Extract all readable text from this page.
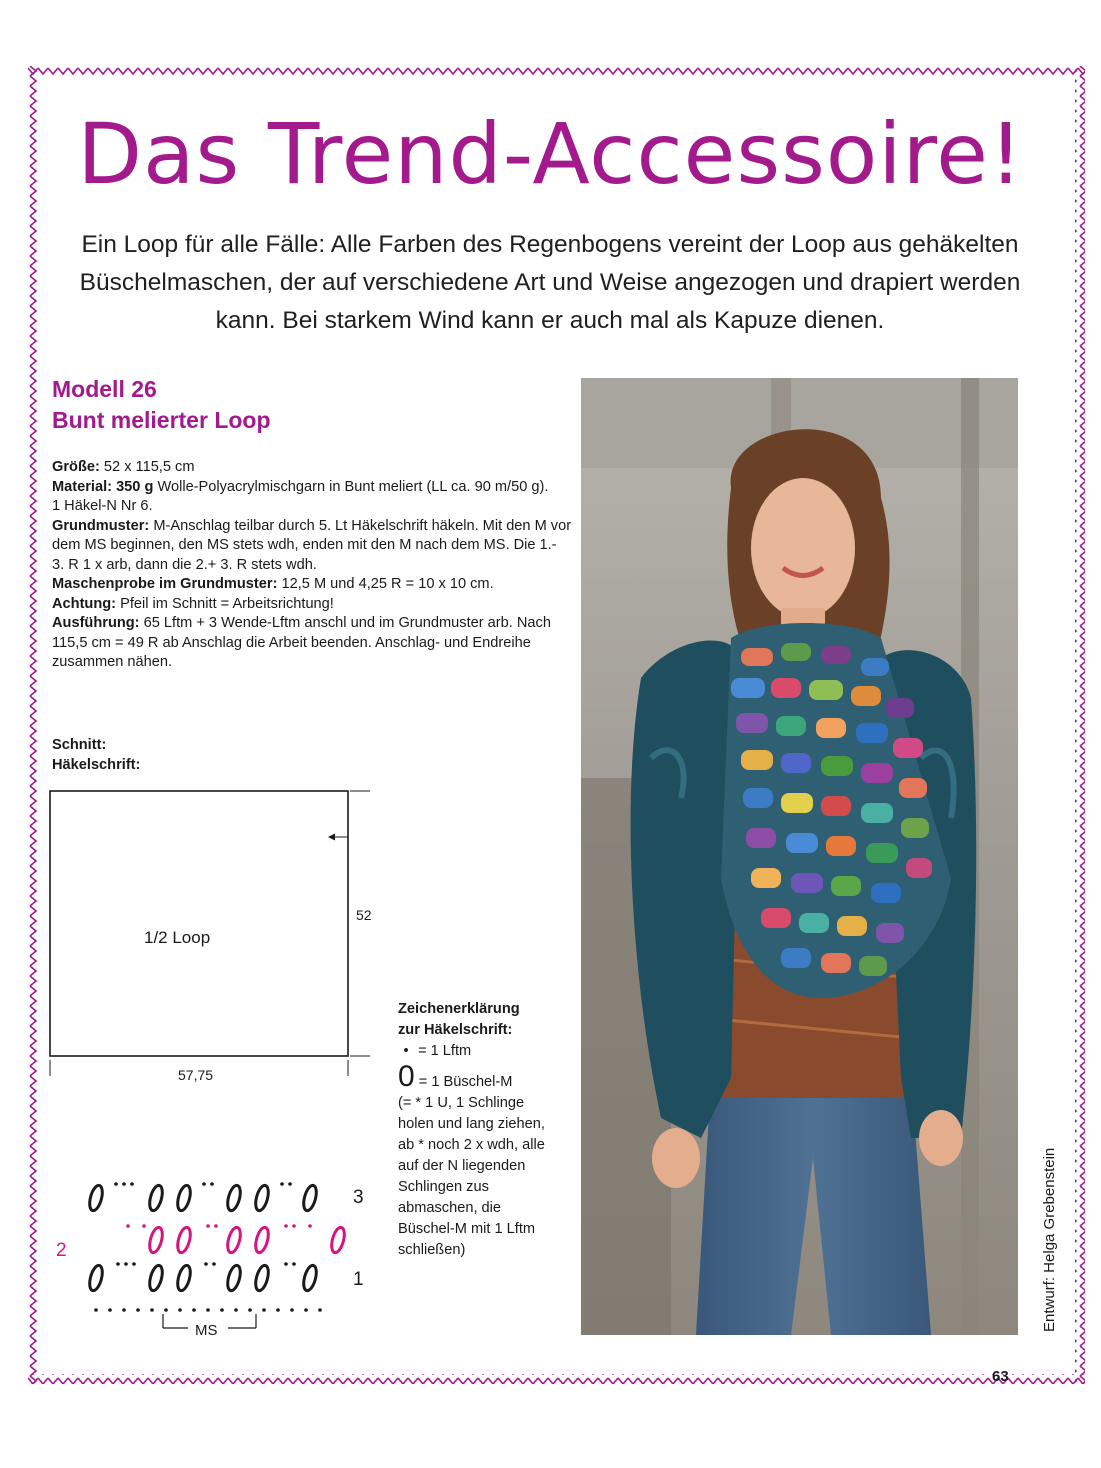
Das Trend-Accessoire!

Ein Loop für alle Fälle: Alle Farben des Regenbogens vereint der Loop aus gehäkelten Büschelmaschen, der auf verschiedene Art und Weise angezogen und drapiert werden kann. Bei starkem Wind kann er auch mal als Kapuze dienen.

Modell 26
Bunt melierter Loop

Größe: 52 x 115,5 cm

Material: 350 g Wolle-Polyacrylmischgarn in Bunt meliert (LL ca. 90 m/50 g).

1 Häkel-N Nr 6.

Grundmuster: M-Anschlag teilbar durch 5. Lt Häkelschrift häkeln. Mit den M vor dem MS beginnen, den MS stets wdh, enden mit den M nach dem MS. Die 1.- 3. R 1 x arb, dann die 2.+ 3. R stets wdh.

Maschenprobe im Grundmuster: 12,5 M und 4,25 R = 10 x 10 cm.

Achtung: Pfeil im Schnitt = Arbeitsrichtung!

Ausführung: 65 Lftm + 3 Wende-Lftm anschl und im Grundmuster arb. Nach 115,5 cm = 49 R ab Anschlag die Arbeit beenden. Anschlag- und Endreihe zusammen nähen.

Schnitt:
Häkelschrift:
1/2 Loop
52
57,75
3
2
1
MS
Zeichenerklärung
zur Häkelschrift:
• = 1 Lftm
0 = 1 Büschel-M
(= * 1 U, 1 Schlinge holen und lang ziehen, ab * noch 2 x wdh, alle auf der N liegenden Schlingen zus abmaschen, die Büschel-M mit 1 Lftm schließen)	Entwurf: Helga Grebenstein
63
